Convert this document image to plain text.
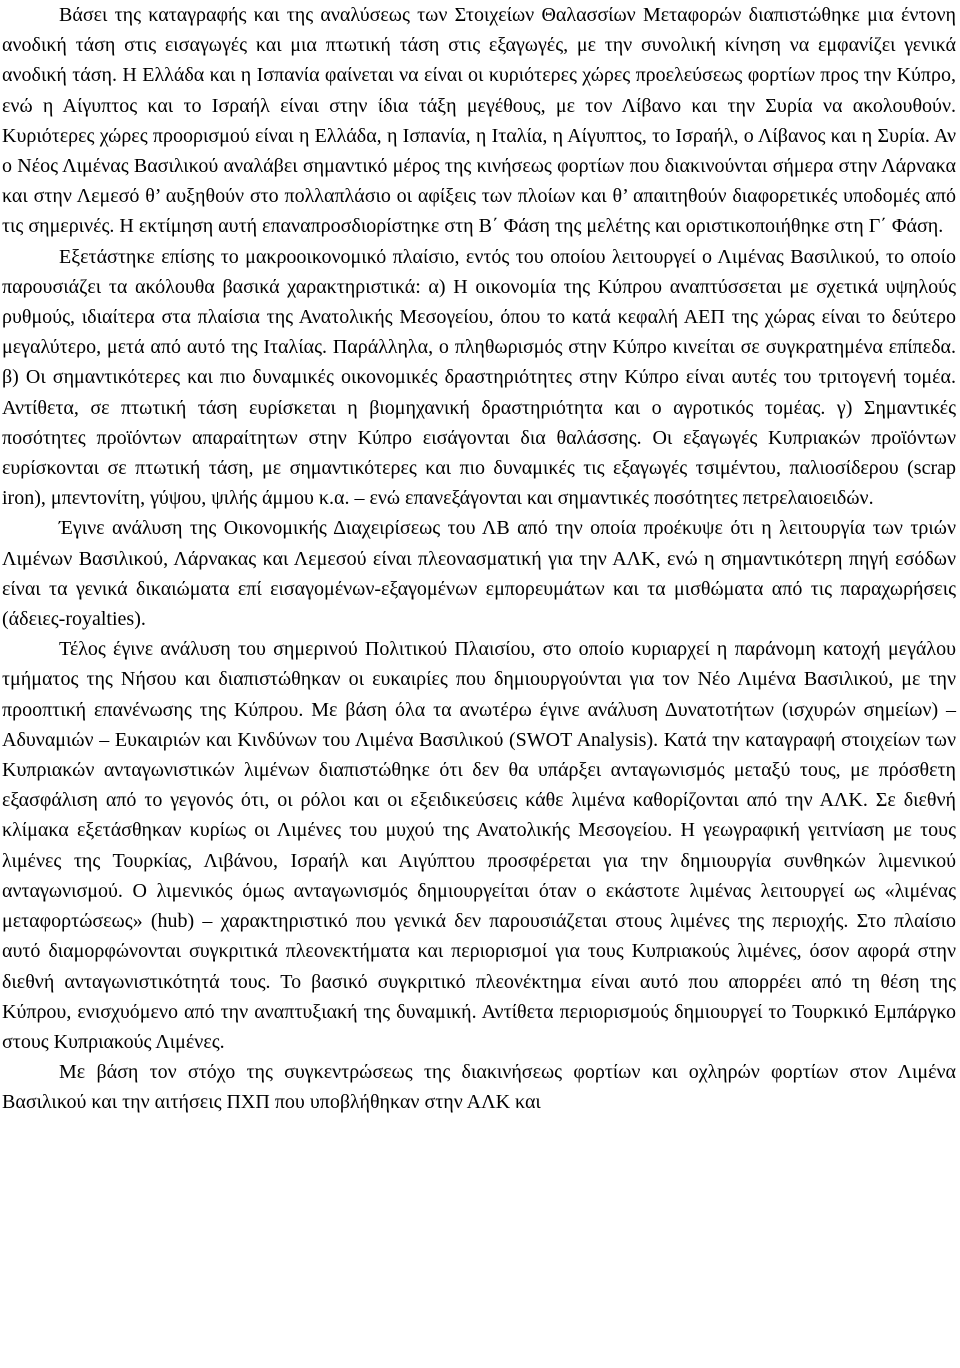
Βάσει της καταγραφής και της αναλύσεως των Στοιχείων Θαλασσίων Μεταφορών διαπιστώθηκε μια έντονη ανοδική τάση στις εισαγωγές και μια πτωτική τάση στις εξαγωγές, με την συνολική κίνηση να εμφανίζει γενικά ανοδική τάση. Η Ελλάδα και η Ισπανία φαίνεται να είναι οι κυριότερες χώρες προελεύσεως φορτίων προς την Κύπρο, ενώ η Αίγυπτος και το Ισραήλ είναι στην ίδια τάξη μεγέθους, με τον Λίβανο και την Συρία να ακολουθούν. Κυριότερες χώρες προορισμού είναι η Ελλάδα, η Ισπανία, η Ιταλία, η Αίγυπτος, το Ισραήλ, ο Λίβανος και η Συρία. Αν ο Νέος Λιμένας Βασιλικού αναλάβει σημαντικό μέρος της κινήσεως φορτίων που διακινούνται σήμερα στην Λάρνακα και στην Λεμεσό θ’ αυξηθούν στο πολλαπλάσιο οι αφίξεις των πλοίων και θ’ απαιτηθούν διαφορετικές υποδομές από τις σημερινές. Η εκτίμηση αυτή επαναπροσδιορίστηκε στη Β΄ Φάση της μελέτης και οριστικοποιήθηκε στη Γ΄ Φάση.

Εξετάστηκε επίσης το μακροοικονομικό πλαίσιο, εντός του οποίου λειτουργεί ο Λιμένας Βασιλικού, το οποίο παρουσιάζει τα ακόλουθα βασικά χαρακτηριστικά: α) Η οικονομία της Κύπρου αναπτύσσεται με σχετικά υψηλούς ρυθμούς, ιδιαίτερα στα πλαίσια της Ανατολικής Μεσογείου, όπου το κατά κεφαλή ΑΕΠ της χώρας είναι το δεύτερο μεγαλύτερο, μετά από αυτό της Ιταλίας. Παράλληλα, ο πληθωρισμός στην Κύπρο κινείται σε συγκρατημένα επίπεδα. β) Οι σημαντικότερες και πιο δυναμικές οικονομικές δραστηριότητες στην Κύπρο είναι αυτές του τριτογενή τομέα. Αντίθετα, σε πτωτική τάση ευρίσκεται η βιομηχανική δραστηριότητα και ο αγροτικός τομέας. γ) Σημαντικές ποσότητες προϊόντων απαραίτητων στην Κύπρο εισάγονται δια θαλάσσης. Οι εξαγωγές Κυπριακών προϊόντων ευρίσκονται σε πτωτική τάση, με σημαντικότερες και πιο δυναμικές τις εξαγωγές τσιμέντου, παλιοσίδερου (scrap iron), μπεντονίτη, γύψου, ψιλής άμμου κ.α. – ενώ επανεξάγονται και σημαντικές ποσότητες πετρελαιοειδών.

Έγινε ανάλυση της Οικονομικής Διαχειρίσεως του ΛΒ από την οποία προέκυψε ότι η λειτουργία των τριών Λιμένων Βασιλικού, Λάρνακας και Λεμεσού είναι πλεονασματική για την ΑΛΚ, ενώ η σημαντικότερη πηγή εσόδων είναι τα γενικά δικαιώματα επί εισαγομένων-εξαγομένων εμπορευμάτων και τα μισθώματα από τις παραχωρήσεις (άδειες-royalties).

Τέλος έγινε ανάλυση του σημερινού Πολιτικού Πλαισίου, στο οποίο κυριαρχεί η παράνομη κατοχή μεγάλου τμήματος της Νήσου και διαπιστώθηκαν οι ευκαιρίες που δημιουργούνται για τον Νέο Λιμένα Βασιλικού, με την προοπτική επανένωσης της Κύπρου. Με βάση όλα τα ανωτέρω έγινε ανάλυση Δυνατοτήτων (ισχυρών σημείων) – Αδυναμιών – Ευκαιριών και Κινδύνων του Λιμένα Βασιλικού (SWOT Analysis). Κατά την καταγραφή στοιχείων των Κυπριακών ανταγωνιστικών λιμένων διαπιστώθηκε ότι δεν θα υπάρξει ανταγωνισμός μεταξύ τους, με πρόσθετη εξασφάλιση από το γεγονός ότι, οι ρόλοι και οι εξειδικεύσεις κάθε λιμένα καθορίζονται από την ΑΛΚ. Σε διεθνή κλίμακα εξετάσθηκαν κυρίως οι Λιμένες του μυχού της Ανατολικής Μεσογείου. Η γεωγραφική γειτνίαση με τους λιμένες της Τουρκίας, Λιβάνου, Ισραήλ και Αιγύπτου προσφέρεται για την δημιουργία συνθηκών λιμενικού ανταγωνισμού. Ο λιμενικός όμως ανταγωνισμός δημιουργείται όταν ο εκάστοτε λιμένας λειτουργεί ως «λιμένας μεταφορτώσεως» (hub) – χαρακτηριστικό που γενικά δεν παρουσιάζεται στους λιμένες της περιοχής. Στο πλαίσιο αυτό διαμορφώνονται συγκριτικά πλεονεκτήματα και περιορισμοί για τους Κυπριακούς λιμένες, όσον αφορά στην διεθνή ανταγωνιστικότητά τους. Το βασικό συγκριτικό πλεονέκτημα είναι αυτό που απορρέει από τη θέση της Κύπρου, ενισχυόμενο από την αναπτυξιακή της δυναμική. Αντίθετα περιορισμούς δημιουργεί το Τουρκικό Εμπάργκο στους Κυπριακούς Λιμένες.

Με βάση τον στόχο της συγκεντρώσεως της διακινήσεως φορτίων και οχληρών φορτίων στον Λιμένα Βασιλικού και την αιτήσεις ΠΧΠ που υποβλήθηκαν στην ΑΛΚ και
